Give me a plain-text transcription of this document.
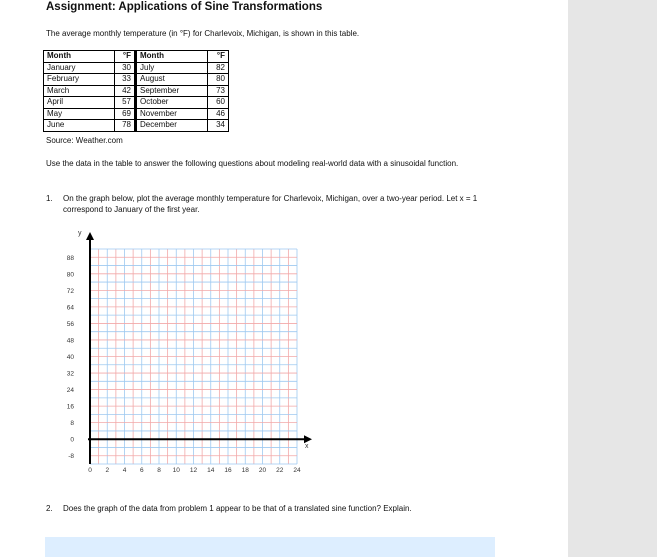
Assignment: Applications of Sine Transformations
The average monthly temperature (in °F) for Charlevoix, Michigan, is shown in this table.
Month	°F	Month	°F
January	30	July	82
February	33	August	80
March	42	September	73
April	57	October	60
May	69	November	46
June	78	December	34
Source: Weather.com
Use the data in the table to answer the following questions about modeling real-world data with a sinusoidal function.
1. On the graph below, plot the average monthly temperature for Charlevoix, Michigan, over a two-year period. Let x = 1 correspond to January of the first year.
y
x
88
80
72
64
56
48
40
32
24
16
8
0
-8
0 2 4 6 8 10 12 14 16 18 20 22 24
2. Does the graph of the data from problem 1 appear to be that of a translated sine function? Explain.
